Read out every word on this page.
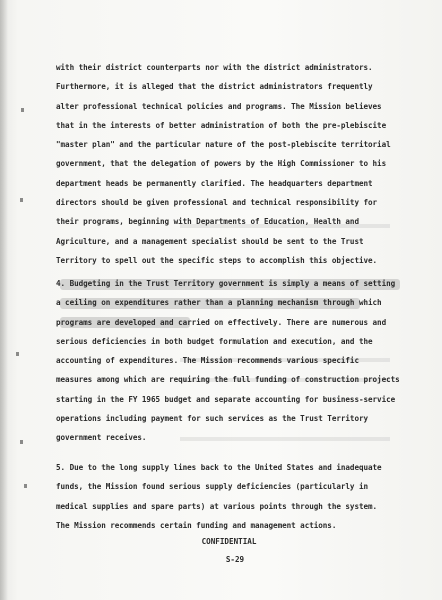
with their district counterparts nor with the district administrators.
Furthermore, it is alleged that the district administrators frequently
alter professional technical policies and programs. The Mission believes
that in the interests of better administration of both the pre-plebiscite
"master plan" and the particular nature of the post-plebiscite territorial
government, that the delegation of powers by the High Commissioner to his
department heads be permanently clarified. The headquarters department
directors should be given professional and technical responsibility for
their programs, beginning with Departments of Education, Health and
Agriculture, and a management specialist should be sent to the Trust
Territory to spell out the specific steps to accomplish this objective.
4. Budgeting in the Trust Territory government is simply a means of setting
a ceiling on expenditures rather than a planning mechanism through which
programs are developed and carried on effectively. There are numerous and
serious deficiencies in both budget formulation and execution, and the
accounting of expenditures. The Mission recommends various specific
measures among which are requiring the full funding of construction projects
starting in the FY 1965 budget and separate accounting for business-service
operations including payment for such services as the Trust Territory
government receives.
5. Due to the long supply lines back to the United States and inadequate
funds, the Mission found serious supply deficiencies (particularly in
medical supplies and spare parts) at various points through the system.
The Mission recommends certain funding and management actions.
CONFIDENTIAL
S-29
